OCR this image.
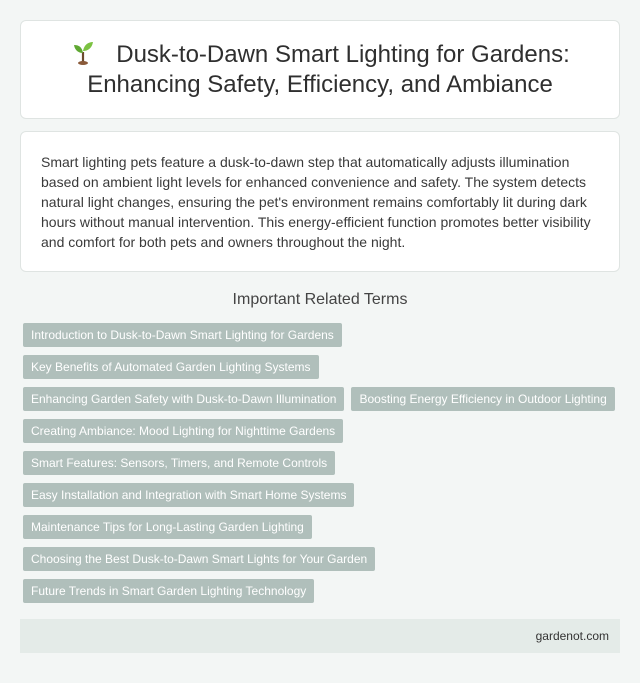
Dusk-to-Dawn Smart Lighting for Gardens: Enhancing Safety, Efficiency, and Ambiance

Smart lighting pets feature a dusk-to-dawn step that automatically adjusts illumination based on ambient light levels for enhanced convenience and safety. The system detects natural light changes, ensuring the pet's environment remains comfortably lit during dark hours without manual intervention. This energy-efficient function promotes better visibility and comfort for both pets and owners throughout the night.

Important Related Terms
Introduction to Dusk-to-Dawn Smart Lighting for Gardens
Key Benefits of Automated Garden Lighting Systems
Enhancing Garden Safety with Dusk-to-Dawn Illumination	Boosting Energy Efficiency in Outdoor Lighting
Creating Ambiance: Mood Lighting for Nighttime Gardens
Smart Features: Sensors, Timers, and Remote Controls
Easy Installation and Integration with Smart Home Systems
Maintenance Tips for Long-Lasting Garden Lighting
Choosing the Best Dusk-to-Dawn Smart Lights for Your Garden
Future Trends in Smart Garden Lighting Technology
gardenot.com
